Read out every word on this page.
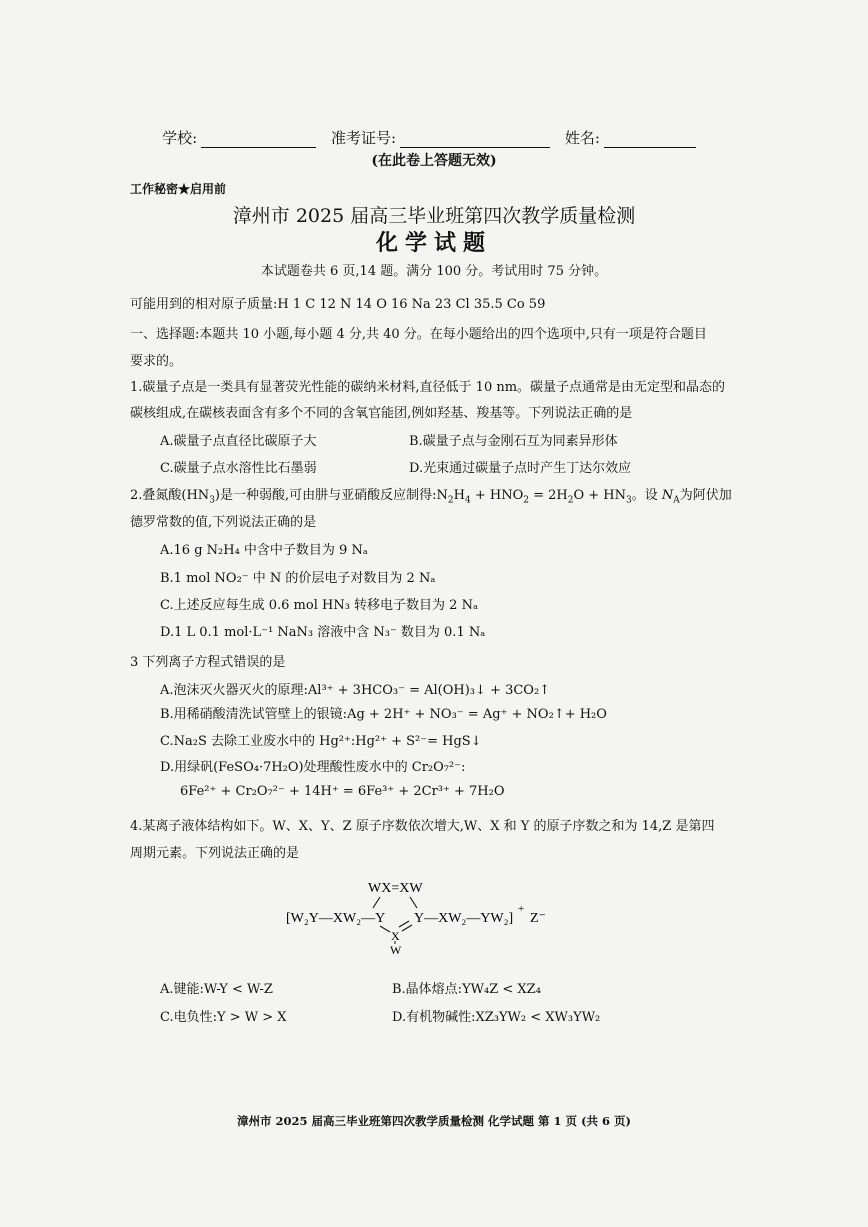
学校:	准考证号:	姓名:
(在此卷上答题无效)
工作秘密★启用前
漳州市 2025 届高三毕业班第四次教学质量检测
化学试题
本试题卷共 6 页,14 题。满分 100 分。考试用时 75 分钟。
可能用到的相对原子质量:H 1 C 12 N 14 O 16 Na 23 Cl 35.5 Co 59
一、选择题:本题共 10 小题,每小题 4 分,共 40 分。在每小题给出的四个选项中,只有一项是符合题目
要求的。
1.碳量子点是一类具有显著荧光性能的碳纳米材料,直径低于 10 nm。碳量子点通常是由无定型和晶态的
碳核组成,在碳核表面含有多个不同的含氧官能团,例如羟基、羧基等。下列说法正确的是
A.碳量子点直径比碳原子大	B.碳量子点与金刚石互为同素异形体
C.碳量子点水溶性比石墨弱	D.光束通过碳量子点时产生丁达尔效应
2.叠氮酸$(HN_3)$是一种弱酸,可由肼与亚硝酸反应制得$:N_2H_4 + HNO_2 = 2H_2O + HN_3$。设 $N_A$为阿伏加
德罗常数的值,下列说法正确的是
A.16 g N₂H₄ 中含中子数目为 9 Nₐ
B.1 mol NO₂⁻ 中 N 的价层电子对数目为 2 Nₐ
C.上述反应每生成 0.6 mol HN₃ 转移电子数目为 2 Nₐ
D.1 L 0.1 mol·L⁻¹ NaN₃ 溶液中含 N₃⁻ 数目为 0.1 Nₐ
3 下列离子方程式错误的是
A.泡沫灭火器灭火的原理:Al³⁺ + 3HCO₃⁻ = Al(OH)₃↓ + 3CO₂↑
B.用稀硝酸清洗试管壁上的银镜:Ag + 2H⁺ + NO₃⁻ = Ag⁺ + NO₂↑+ H₂O
C.Na₂S 去除工业废水中的 Hg²⁺:Hg²⁺ + S²⁻= HgS↓
D.用绿矾(FeSO₄·7H₂O)处理酸性废水中的 Cr₂O₇²⁻:
6Fe²⁺ + Cr₂O₇²⁻ + 14H⁺ = 6Fe³⁺ + 2Cr³⁺ + 7H₂O
4.某离子液体结构如下。W、X、Y、Z 原子序数依次增大,W、X 和 Y 的原子序数之和为 14,Z 是第四
周期元素。下列说法正确的是
WX=XW
[W₂Y—XW₂—Y Y—XW₂—YW₂]
+
Z⁻
X
W
A.键能:W-Y < W-Z	B.晶体熔点:YW₄Z < XZ₄
C.电负性:Y > W > X	D.有机物碱性:XZ₃YW₂ < XW₃YW₂
漳州市 2025 届高三毕业班第四次教学质量检测 化学试题 第 1 页 (共 6 页)
